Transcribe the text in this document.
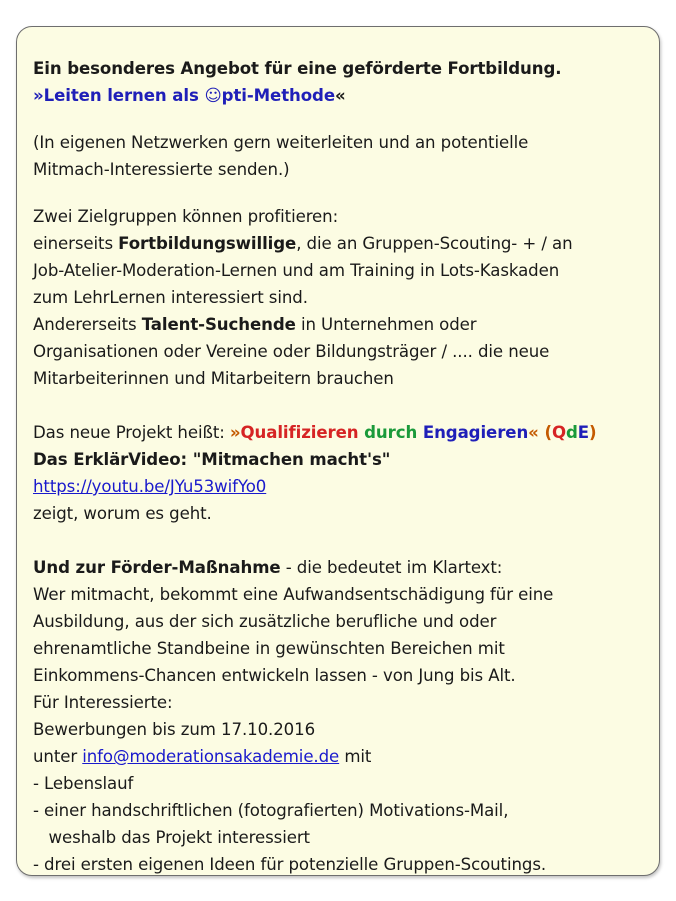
Ein besonderes Angebot für eine geförderte Fortbildung.
»Leiten lernen als ☺pti-Methode«
(In eigenen Netzwerken gern weiterleiten und an potentielle
Mitmach-Interessierte senden.)
Zwei Zielgruppen können profitieren:
einerseits Fortbildungswillige, die an Gruppen-Scouting- + / an
Job-Atelier-Moderation-Lernen und am Training in Lots-Kaskaden
zum LehrLernen interessiert sind.
Andererseits Talent-Suchende in Unternehmen oder
Organisationen oder Vereine oder Bildungsträger / .... die neue
Mitarbeiterinnen und Mitarbeitern brauchen
Das neue Projekt heißt: »Qualifizieren durch Engagieren« (QdE)
Das ErklärVideo: "Mitmachen macht's"
https://youtu.be/JYu53wifYo0
zeigt, worum es geht.
Und zur Förder-Maßnahme - die bedeutet im Klartext:
Wer mitmacht, bekommt eine Aufwandsentschädigung für eine
Ausbildung, aus der sich zusätzliche berufliche und oder
ehrenamtliche Standbeine in gewünschten Bereichen mit
Einkommens-Chancen entwickeln lassen - von Jung bis Alt.
Für Interessierte:
Bewerbungen bis zum 17.10.2016
unter info@moderationsakademie.de mit
- Lebenslauf
- einer handschriftlichen (fotografierten) Motivations-Mail,
weshalb das Projekt interessiert
- drei ersten eigenen Ideen für potenzielle Gruppen-Scoutings.
